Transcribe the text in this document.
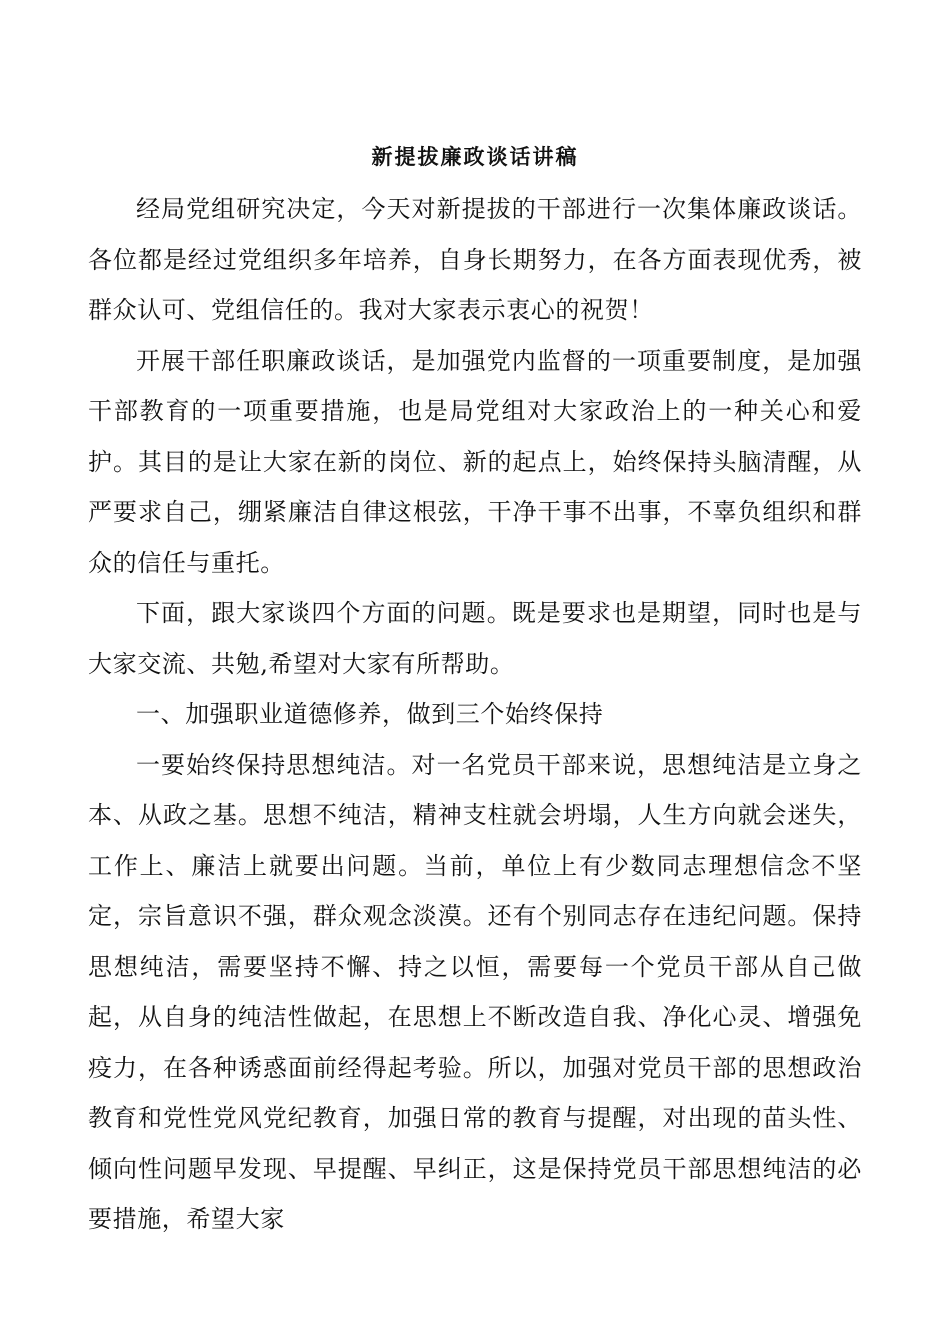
新提拔廉政谈话讲稿

经局党组研究决定，今天对新提拔的干部进行一次集体廉政谈话。各位都是经过党组织多年培养，自身长期努力，在各方面表现优秀，被群众认可、党组信任的。我对大家表示衷心的祝贺！

开展干部任职廉政谈话，是加强党内监督的一项重要制度，是加强干部教育的一项重要措施，也是局党组对大家政治上的一种关心和爱护。其目的是让大家在新的岗位、新的起点上，始终保持头脑清醒，从严要求自己，绷紧廉洁自律这根弦，干净干事不出事，不辜负组织和群众的信任与重托。

下面，跟大家谈四个方面的问题。既是要求也是期望，同时也是与大家交流、共勉,希望对大家有所帮助。

一、加强职业道德修养，做到三个始终保持

一要始终保持思想纯洁。对一名党员干部来说，思想纯洁是立身之本、从政之基。思想不纯洁，精神支柱就会坍塌，人生方向就会迷失，工作上、廉洁上就要出问题。当前，单位上有少数同志理想信念不坚定，宗旨意识不强，群众观念淡漠。还有个别同志存在违纪问题。保持思想纯洁，需要坚持不懈、持之以恒，需要每一个党员干部从自己做起，从自身的纯洁性做起，在思想上不断改造自我、净化心灵、增强免疫力，在各种诱惑面前经得起考验。所以，加强对党员干部的思想政治教育和党性党风党纪教育，加强日常的教育与提醒，对出现的苗头性、倾向性问题早发现、早提醒、早纠正，这是保持党员干部思想纯洁的必要措施，希望大家
